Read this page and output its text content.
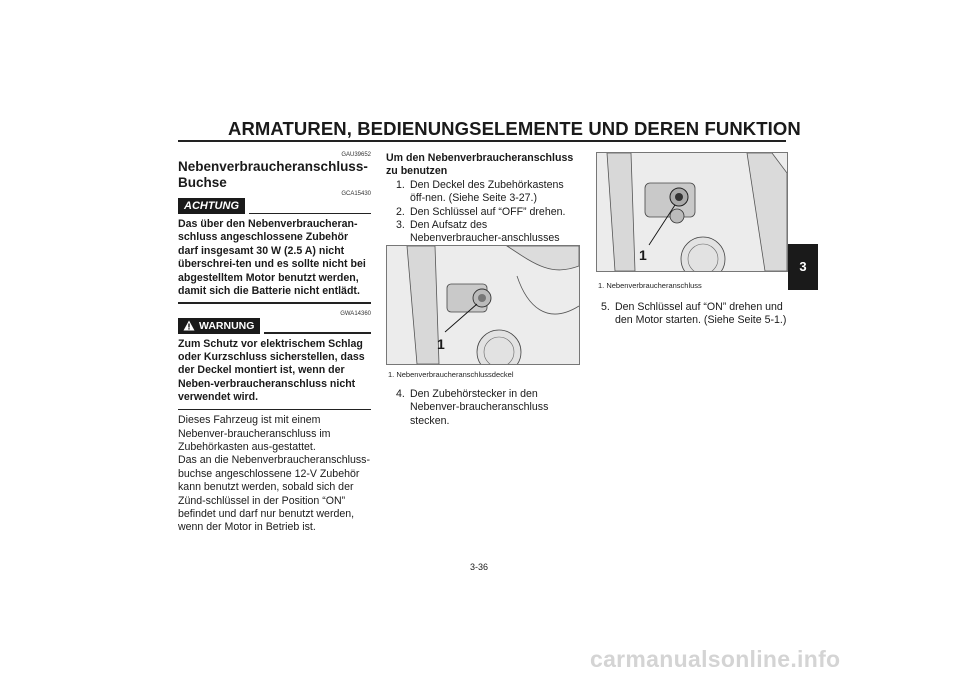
ARMATUREN, BEDIENUNGSELEMENTE UND DEREN FUNKTION
3
GAU39652
Nebenverbraucheranschluss-Buchse
GCA15430
ACHTUNG
Das über den Nebenverbraucheran-schluss angeschlossene Zubehör darf insgesamt 30 W (2.5 A) nicht überschrei-ten und es sollte nicht bei abgestelltem Motor benutzt werden, damit sich die Batterie nicht entlädt.
GWA14360
WARNUNG
Zum Schutz vor elektrischem Schlag oder Kurzschluss sicherstellen, dass der Deckel montiert ist, wenn der Neben-verbraucheranschluss nicht verwendet wird.
Dieses Fahrzeug ist mit einem Nebenver-braucheranschluss im Zubehörkasten aus-gestattet.
Das an die Nebenverbraucheranschluss-buchse angeschlossene 12-V Zubehör kann benutzt werden, sobald sich der Zünd-schlüssel in der Position “ON” befindet und darf nur benutzt werden, wenn der Motor in Betrieb ist.
Um den Nebenverbraucheranschluss zu benutzen
1. Den Deckel des Zubehörkastens öff-nen. (Siehe Seite 3-27.)
2. Den Schlüssel auf “OFF” drehen.
3. Den Aufsatz des Nebenverbraucher-anschlusses
1
1. Nebenverbraucheranschlussdeckel
4. Den Zubehörstecker in den Nebenver-braucheranschluss stecken.
1
1. Nebenverbraucheranschluss
5. Den Schlüssel auf “ON” drehen und den Motor starten. (Siehe Seite 5-1.)
3-36
carmanualsonline.info
